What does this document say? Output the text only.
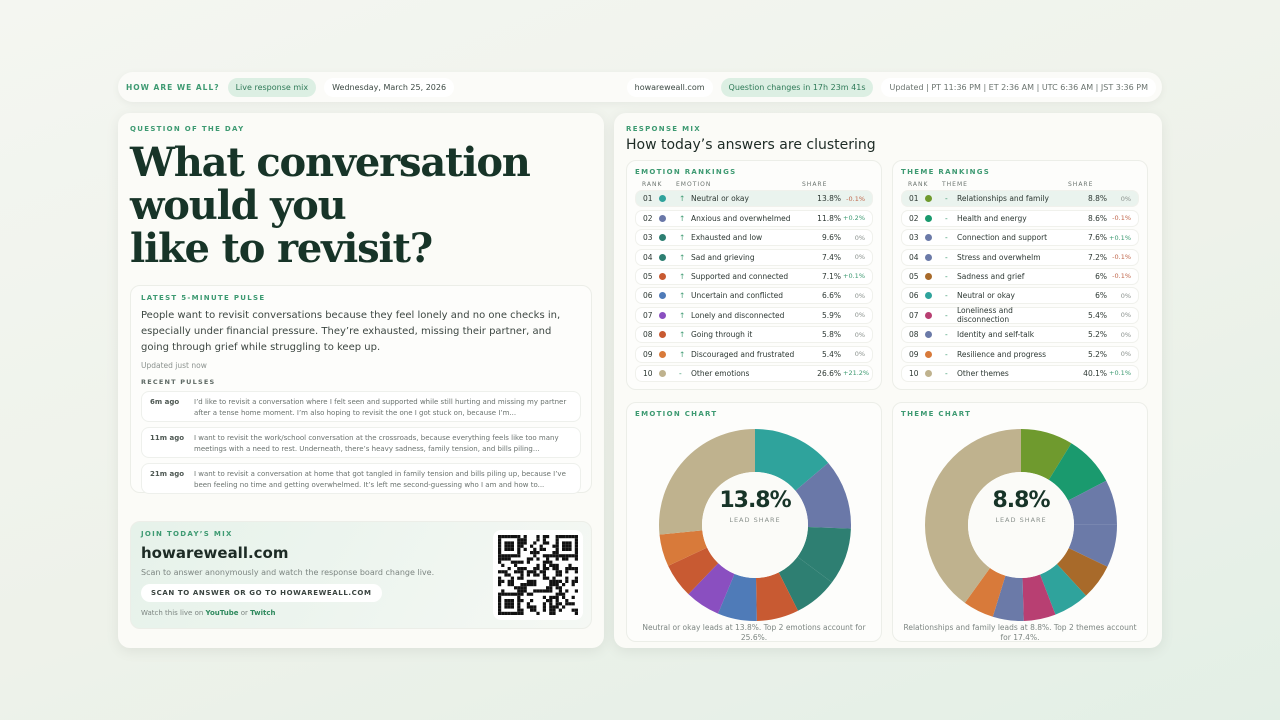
HOW ARE WE ALL?	Live response mix	Wednesday, March 25, 2026	howareweall.com	Question changes in 17h 23m 41s	Updated | PT 11:36 PM | ET 2:36 AM | UTC 6:36 AM | JST 3:36 PM
QUESTION OF THE DAY
What conversation
would you
like to revisit?
LATEST 5-MINUTE PULSE
People want to revisit conversations because they feel lonely and no one checks in, especially under financial pressure. They’re exhausted, missing their partner, and going through grief while struggling to keep up.
Updated just now
RECENT PULSES
6m ago	I’d like to revisit a conversation where I felt seen and supported while still hurting and missing my partner after a tense home moment. I’m also hoping to revisit the one I got stuck on, because I’m...
11m ago	I want to revisit the work/school conversation at the crossroads, because everything feels like too many meetings with a need to rest. Underneath, there’s heavy sadness, family tension, and bills piling...
21m ago	I want to revisit a conversation at home that got tangled in family tension and bills piling up, because I’ve been feeling no time and getting overwhelmed. It’s left me second-guessing who I am and how to...
JOIN TODAY’S MIX
howareweall.com
Scan to answer anonymously and watch the response board change live.
SCAN TO ANSWER OR GO TO HOWAREWEALL.COM
Watch this live on YouTube or Twitch
RESPONSE MIX
How today’s answers are clustering
EMOTION RANKINGS
RANK	EMOTION	SHARE
01	↑ Neutral or okay	13.8% -0.1%
02	↑ Anxious and overwhelmed	11.8% +0.2%
03	↑ Exhausted and low	9.6%	0%
04	↑ Sad and grieving	7.4%	0%
05	↑ Supported and connected	7.1% +0.1%
06	↑ Uncertain and conflicted	6.6%	0%
07	↑ Lonely and disconnected	5.9%	0%
08	↑ Going through it	5.8%	0%
09	↑ Discouraged and frustrated	5.4%	0%
10	-	Other emotions	26.6% +21.2%
THEME RANKINGS
RANK	THEME	SHARE
01	-	Relationships and family	8.8%	0%
02	-	Health and energy	8.6% -0.1%
03	-	Connection and support	7.6% +0.1%
04	-	Stress and overwhelm	7.2% -0.1%
05	-	Sadness and grief	6% -0.1%
06	-	Neutral or okay	6%	0%
07	-	Loneliness and disconnection	5.4%	0%
08	-	Identity and self-talk	5.2%	0%
09	-	Resilience and progress	5.2%	0%
10	-	Other themes	40.1% +0.1%
EMOTION CHART
13.8%
LEAD SHARE
Neutral or okay leads at 13.8%. Top 2 emotions account for 25.6%.
THEME CHART
8.8%
LEAD SHARE
Relationships and family leads at 8.8%. Top 2 themes account for 17.4%.
